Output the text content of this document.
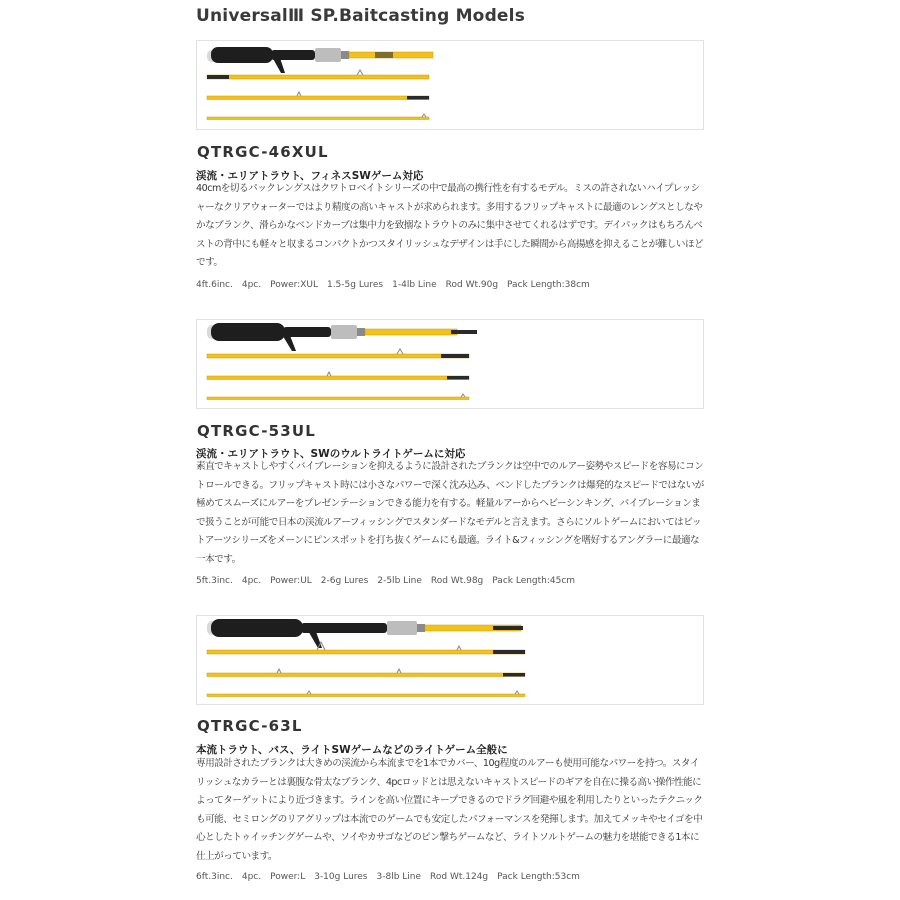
UniversalⅢ SP.Baitcasting Models
QTRGC-46XUL
渓流・エリアトラウト、フィネスSWゲーム対応
40cmを切るパックレングスはクワトロベイトシリーズの中で最高の携行性を有するモデル。ミスの許されないハイプレッシャーなクリアウォーターではより精度の高いキャストが求められます。多用するフリップキャストに最適のレングスとしなやかなブランク、滑らかなベンドカーブは集中力を致搦なトラウトのみに集中させてくれるはずです。デイパックはもちろんベストの背中にも軽々と収まるコンパクトかつスタイリッシュなデザインは手にした瞬間から高揚感を抑えることが難しいほどです。
4ft.6inc.　4pc.　Power:XUL　1.5-5g Lures　1-4lb Line　Rod Wt.90g　Pack Length:38cm
QTRGC-53UL
渓流・エリアトラウト、SWのウルトライトゲームに対応
素直でキャストしやすくバイブレーションを抑えるように設計されたブランクは空中でのルアー姿勢やスピードを容易にコントロールできる。フリップキャスト時には小さなパワーで深く沈み込み、ベンドしたブランクは爆発的なスピードではないが極めてスムーズにルアーをプレゼンテーションできる能力を有する。軽量ルアーからヘビーシンキング、バイブレーションまで扱うことが可能で日本の渓流ルアーフィッシングでスタンダードなモデルと言えます。さらにソルトゲームにおいてはビットアーツシリーズをメーンにピンスポットを打ち抜くゲームにも最適。ライト&フィッシングを嗜好するアングラーに最適な一本です。
5ft.3inc.　4pc.　Power:UL　2-6g Lures　2-5lb Line　Rod Wt.98g　Pack Length:45cm
QTRGC-63L
本流トラウト、バス、ライトSWゲームなどのライトゲーム全般に
専用設計されたブランクは大きめの渓流から本流までを1本でカバー、10g程度のルアーも使用可能なパワーを持つ。スタイリッシュなカラーとは裏腹な骨太なブランク、4pcロッドとは思えないキャストスピードのギアを自在に操る高い操作性能によってターゲットにより近づきます。ラインを高い位置にキープできるのでドラグ回避や風を利用したりといったテクニックも可能、セミロングのリアグリップは本流でのゲームでも安定したパフォーマンスを発揮します。加えてメッキやセイゴを中心としたトゥイッチングゲームや、ソイやカサゴなどのピン撃ちゲームなど、ライトソルトゲームの魅力を堪能できる1本に仕上がっています。
6ft.3inc.　4pc.　Power:L　3-10g Lures　3-8lb Line　Rod Wt.124g　Pack Length:53cm
